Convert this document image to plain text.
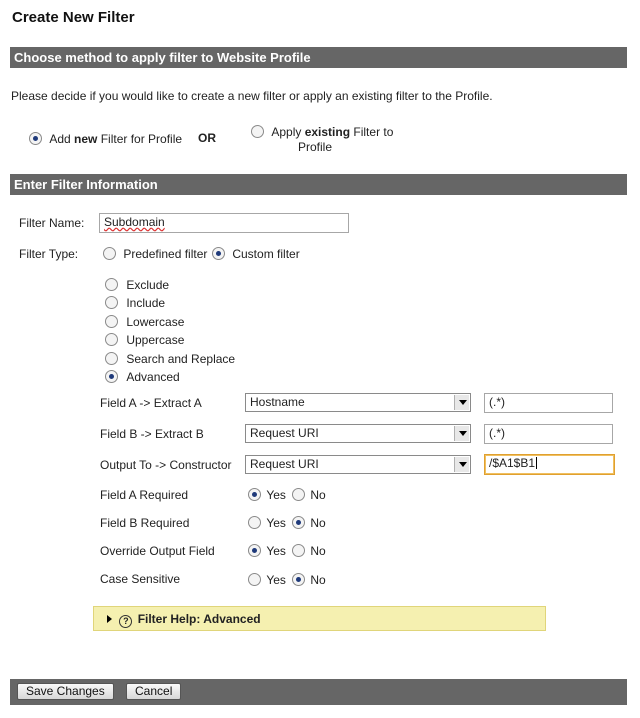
Create New Filter
Choose method to apply filter to Website Profile
Please decide if you would like to create a new filter or apply an existing filter to the Profile.
Add new Filter for Profile OR	Apply existing Filter to
Profile
Enter Filter Information
Filter Name:	Subdomain
Filter Type:	Predefined filter	Custom filter
Exclude
Include
Lowercase
Uppercase
Search and Replace
Advanced
Field A -> Extract A	Hostname	(.*)
Field B -> Extract B	Request URI	(.*)
Output To -> Constructor	Request URI	/$A1$B1
Field A Required	Yes	No
Field B Required	Yes	No
Override Output Field	Yes	No
Case Sensitive	Yes	No
? Filter Help: Advanced
Save Changes	Cancel
